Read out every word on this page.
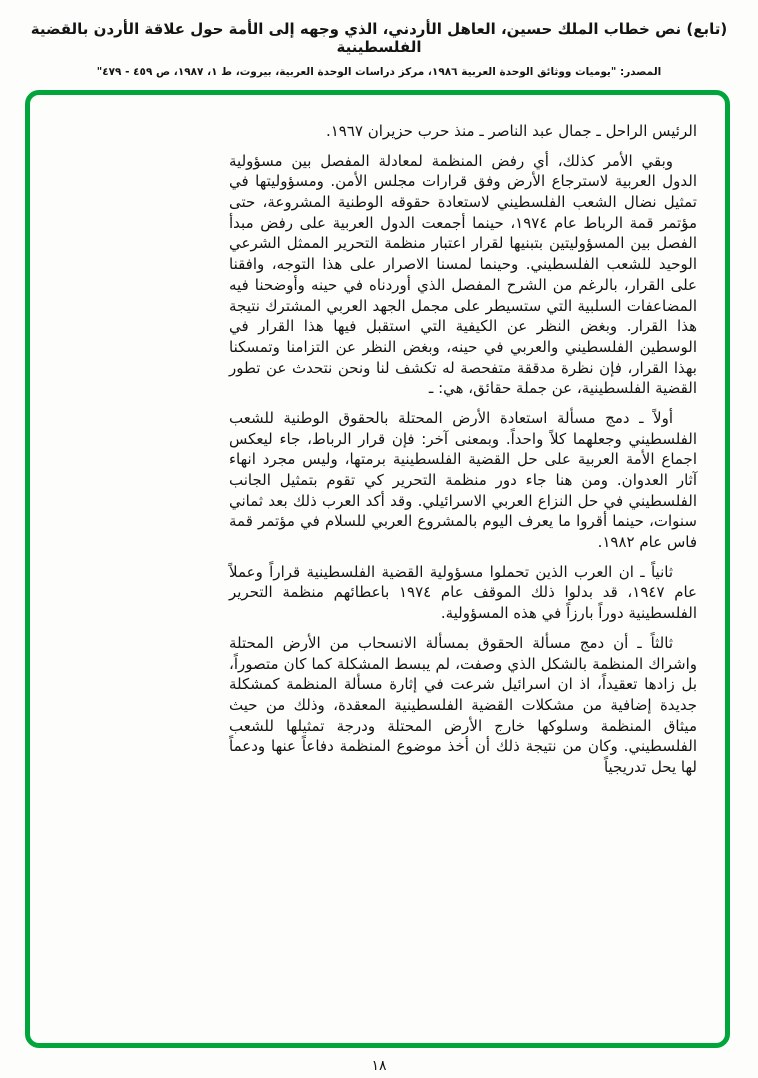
(تابع) نص خطاب الملك حسين، العاهل الأردني، الذي وجهه إلى الأمة حول علاقة الأردن بالقضية الفلسطينية
المصدر: "يوميات ووثائق الوحدة العربية ١٩٨٦، مركز دراسات الوحدة العربية، بيروت، ط ١، ١٩٨٧، ص ٤٥٩ - ٤٧٩"

الرئيس الراحل ـ جمال عبد الناصر ـ منذ حرب حزيران ١٩٦٧.

وبقي الأمر كذلك، أي رفض المنظمة لمعادلة المفصل بين مسؤولية الدول العربية لاسترجاع الأرض وفق قرارات مجلس الأمن. ومسؤوليتها في تمثيل نضال الشعب الفلسطيني لاستعادة حقوقه الوطنية المشروعة، حتى مؤتمر قمة الرباط عام ١٩٧٤، حينما أجمعت الدول العربية على رفض مبدأ الفصل بين المسؤوليتين بتبنيها لقرار اعتبار منظمة التحرير الممثل الشرعي الوحيد للشعب الفلسطيني. وحينما لمسنا الاصرار على هذا التوجه، وافقنا على القرار، بالرغم من الشرح المفصل الذي أوردناه في حينه وأوضحنا فيه المضاعفات السلبية التي ستسيطر على مجمل الجهد العربي المشترك نتيجة هذا القرار. وبغض النظر عن الكيفية التي استقبل فيها هذا القرار في الوسطين الفلسطيني والعربي في حينه، وبغض النظر عن التزامنا وتمسكنا بهذا القرار، فإن نظرة مدققة متفحصة له تكشف لنا ونحن نتحدث عن تطور القضية الفلسطينية، عن جملة حقائق، هي: ـ

أولاً ـ دمج مسألة استعادة الأرض المحتلة بالحقوق الوطنية للشعب الفلسطيني وجعلهما كلاً واحداً. وبمعنى آخر: فإن قرار الرباط، جاء ليعكس اجماع الأمة العربية على حل القضية الفلسطينية برمتها، وليس مجرد انهاء آثار العدوان. ومن هنا جاء دور منظمة التحرير كي تقوم بتمثيل الجانب الفلسطيني في حل النزاع العربي الاسرائيلي. وقد أكد العرب ذلك بعد ثماني سنوات، حينما أقروا ما يعرف اليوم بالمشروع العربي للسلام في مؤتمر قمة فاس عام ١٩٨٢.

ثانياً ـ ان العرب الذين تحملوا مسؤولية القضية الفلسطينية قراراً وعملاً عام ١٩٤٧، قد بدلوا ذلك الموقف عام ١٩٧٤ باعطائهم منظمة التحرير الفلسطينية دوراً بارزاً في هذه المسؤولية.

ثالثاً ـ أن دمج مسألة الحقوق بمسألة الانسحاب من الأرض المحتلة واشراك المنظمة بالشكل الذي وصفت، لم يبسط المشكلة كما كان متصوراً، بل زادها تعقيداً، اذ ان اسرائيل شرعت في إثارة مسألة المنظمة كمشكلة جديدة إضافية من مشكلات القضية الفلسطينية المعقدة، وذلك من حيث ميثاق المنظمة وسلوكها خارج الأرض المحتلة ودرجة تمثيلها للشعب الفلسطيني. وكان من نتيجة ذلك أن أخذ موضوع المنظمة دفاعاً عنها ودعماً لها يحل تدريجياً

١٨
